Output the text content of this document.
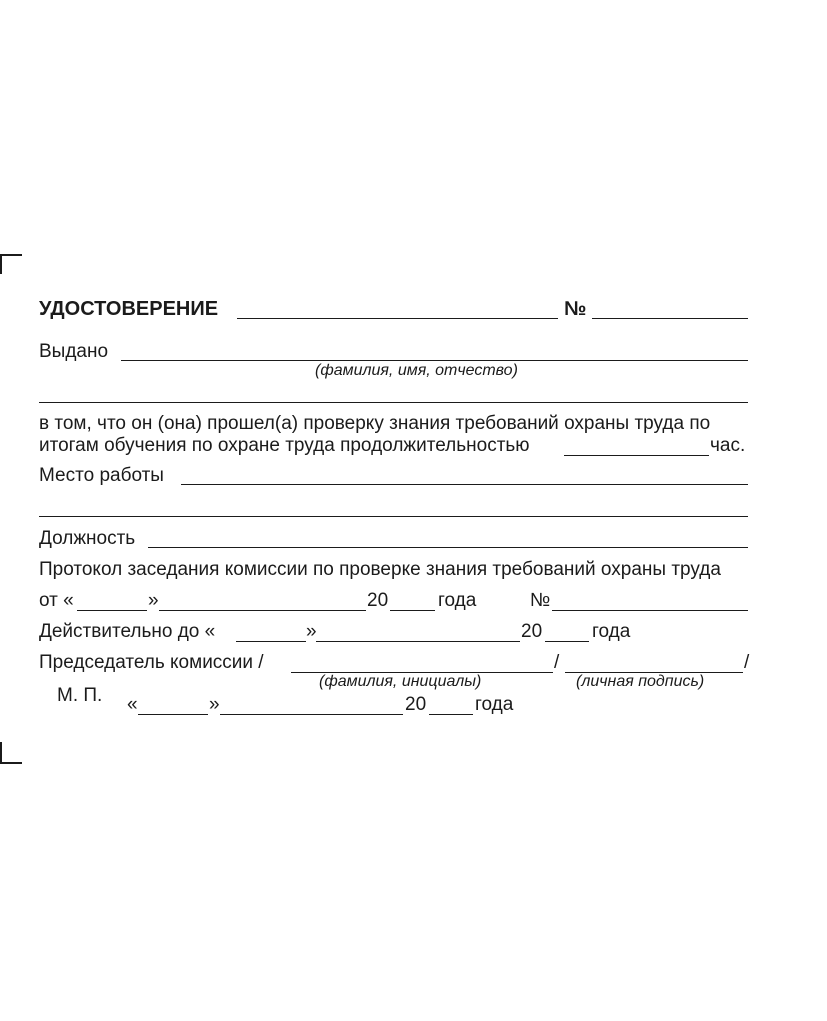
УДОСТОВЕРЕНИЕ	№
Выдано
(фамилия, имя, отчество)
в том, что он (она) прошел(а) проверку знания требований охраны труда по
итогам обучения по охране труда продолжительностью	час.
Место работы
Должность
Протокол заседания комиссии по проверке знания требований охраны труда
от «	»	20	года	№
Действительно до «	»	20	года
Председатель комиссии /	/	/
(фамилия, инициалы)	(личная подпись)
М. П. «	»	20	года
